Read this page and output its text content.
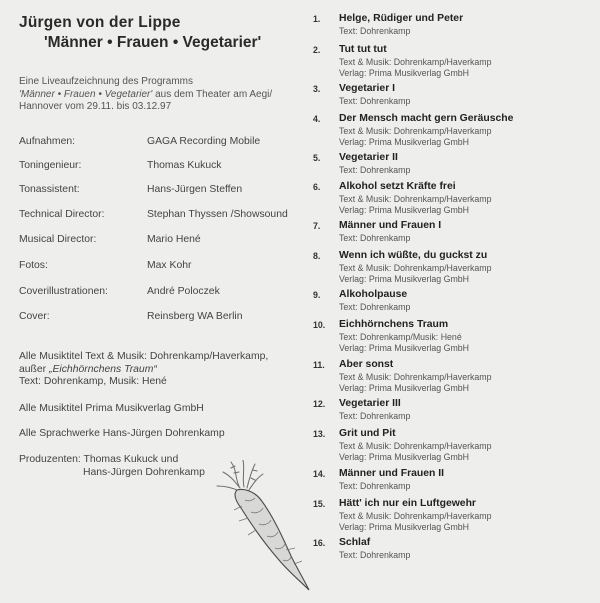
Jürgen von der Lippe
'Männer • Frauen • Vegetarier'
Eine Liveaufzeichnung des Programms
'Männer • Frauen • Vegetarier' aus dem Theater am Aegi/
Hannover vom 29.11. bis 03.12.97
Aufnahmen:	GAGA Recording Mobile
Toningenieur:	Thomas Kukuck
Tonassistent:	Hans-Jürgen Steffen
Technical Director:	Stephan Thyssen /Showsound
Musical Director:	Mario Hené
Fotos:	Max Kohr
Coverillustrationen:	André Poloczek
Cover:	Reinsberg WA Berlin
Alle Musiktitel Text & Musik: Dohrenkamp/Haverkamp,
außer „Eichhörnchens Traum“
Text: Dohrenkamp, Musik: Hené
Alle Musiktitel Prima Musikverlag GmbH
Alle Sprachwerke Hans-Jürgen Dohrenkamp
Produzenten: Thomas Kukuck und
Hans-Jürgen Dohrenkamp
1. Helge, Rüdiger und Peter
Text: Dohrenkamp
2. Tut tut tut
Text & Musik: Dohrenkamp/Haverkamp
Verlag: Prima Musikverlag GmbH
3. Vegetarier I
Text: Dohrenkamp
4. Der Mensch macht gern Geräusche
Text & Musik: Dohrenkamp/Haverkamp
Verlag: Prima Musikverlag GmbH
5. Vegetarier II
Text: Dohrenkamp
6. Alkohol setzt Kräfte frei
Text & Musik: Dohrenkamp/Haverkamp
Verlag: Prima Musikverlag GmbH
7. Männer und Frauen I
Text: Dohrenkamp
8. Wenn ich wüßte, du guckst zu
Text & Musik: Dohrenkamp/Haverkamp
Verlag: Prima Musikverlag GmbH
9. Alkoholpause
Text: Dohrenkamp
10. Eichhörnchens Traum
Text: Dohrenkamp/Musik: Hené
Verlag: Prima Musikverlag GmbH
11. Aber sonst
Text & Musik: Dohrenkamp/Haverkamp
Verlag: Prima Musikverlag GmbH
12. Vegetarier III
Text: Dohrenkamp
13. Grit und Pit
Text & Musik: Dohrenkamp/Haverkamp
Verlag: Prima Musikverlag GmbH
14. Männer und Frauen II
Text: Dohrenkamp
15. Hätt' ich nur ein Luftgewehr
Text & Musik: Dohrenkamp/Haverkamp
Verlag: Prima Musikverlag GmbH
16. Schlaf
Text: Dohrenkamp
